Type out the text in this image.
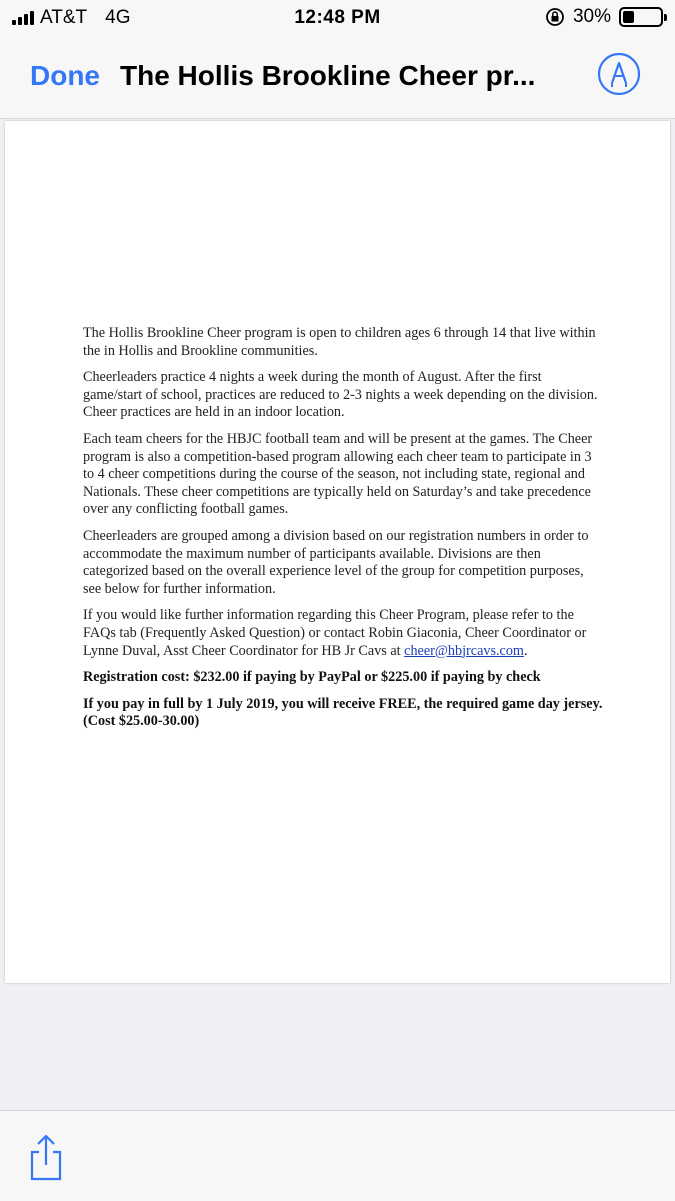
AT&T 4G	12:48 PM	30%
Done The Hollis Brookline Cheer pr...

The Hollis Brookline Cheer program is open to children ages 6 through 14 that live within the in Hollis and Brookline communities.

Cheerleaders practice 4 nights a week during the month of August. After the first game/start of school, practices are reduced to 2-3 nights a week depending on the division. Cheer practices are held in an indoor location.

Each team cheers for the HBJC football team and will be present at the games. The Cheer program is also a competition-based program allowing each cheer team to participate in 3 to 4 cheer competitions during the course of the season, not including state, regional and Nationals. These cheer competitions are typically held on Saturday’s and take precedence over any conflicting football games.

Cheerleaders are grouped among a division based on our registration numbers in order to accommodate the maximum number of participants available. Divisions are then categorized based on the overall experience level of the group for competition purposes, see below for further information.

If you would like further information regarding this Cheer Program, please refer to the FAQs tab (Frequently Asked Question) or contact Robin Giaconia, Cheer Coordinator or Lynne Duval, Asst Cheer Coordinator for HB Jr Cavs at cheer@hbjrcavs.com.

Registration cost: $232.00 if paying by PayPal or $225.00 if paying by check

If you pay in full by 1 July 2019, you will receive FREE, the required game day jersey. (Cost $25.00-30.00)
